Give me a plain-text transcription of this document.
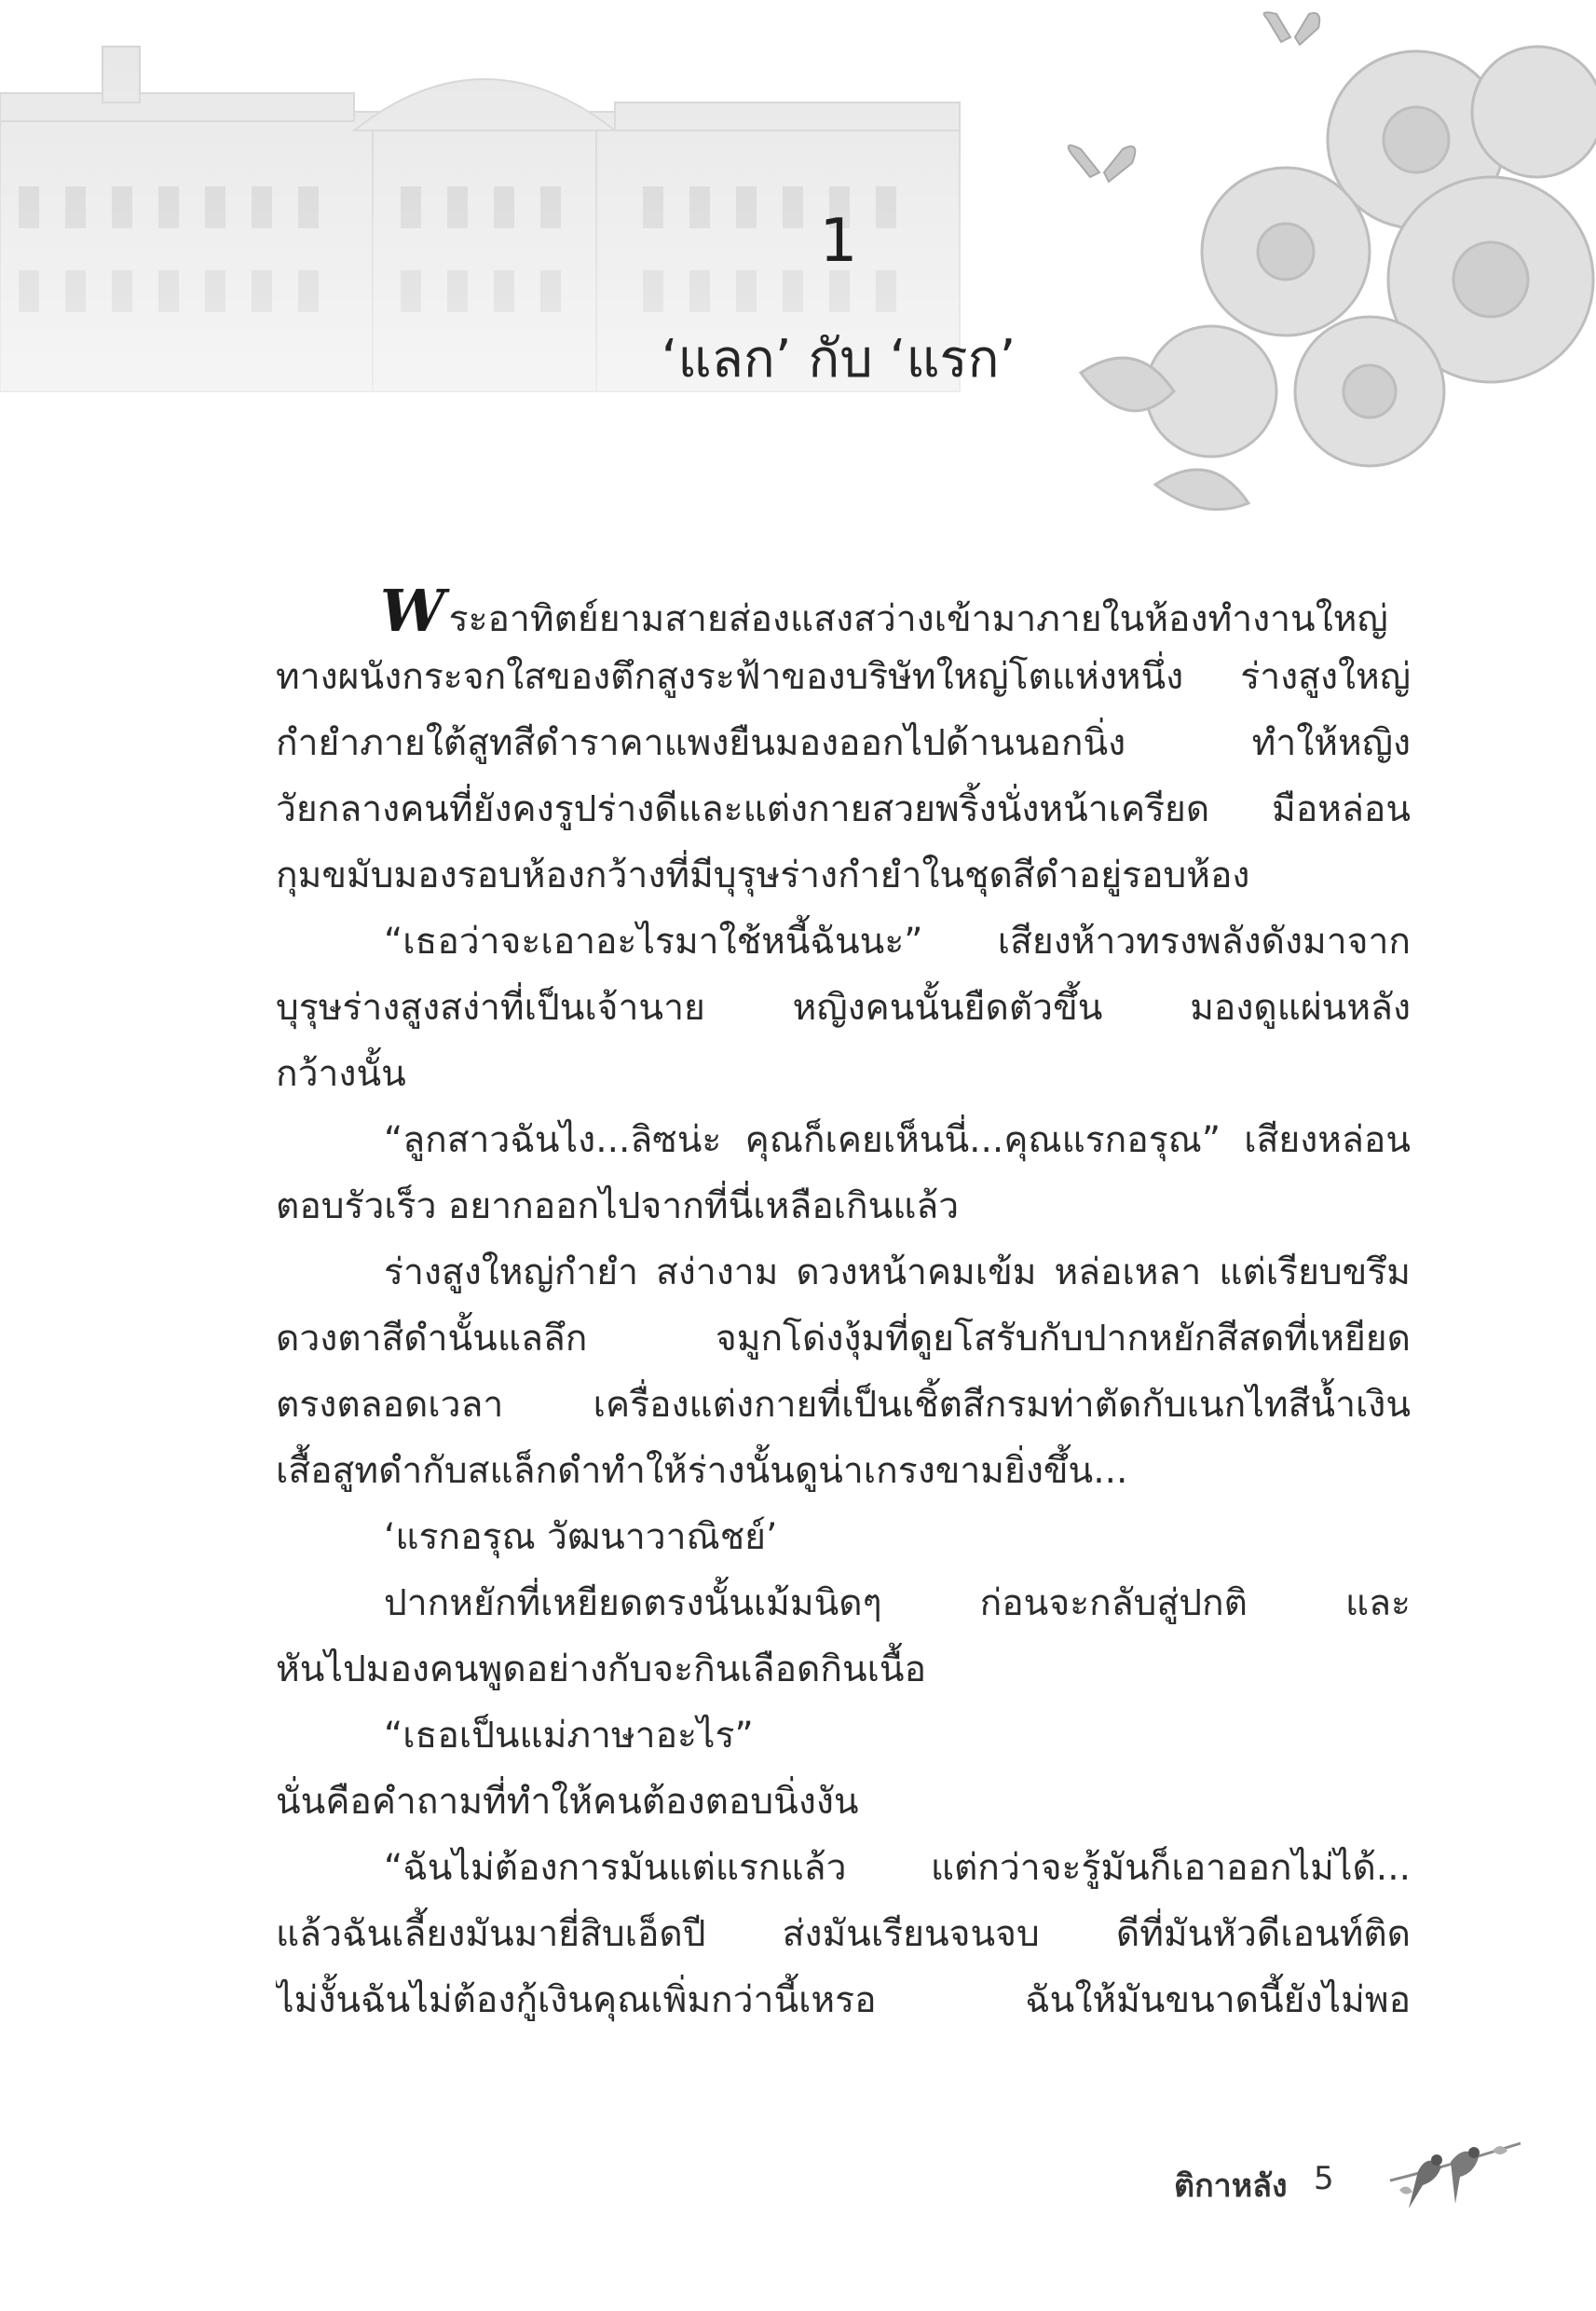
1
‘แลก’ กับ ‘แรก’
Wระอาทิตย์ยามสายส่องแสงสว่างเข้ามาภายในห้องทำงานใหญ่
ทางผนังกระจกใสของตึกสูงระฟ้าของบริษัทใหญ่โตแห่งหนึ่ง ร่างสูงใหญ่
กำยำภายใต้สูทสีดำราคาแพงยืนมองออกไปด้านนอกนิ่ง ทำให้หญิง
วัยกลางคนที่ยังคงรูปร่างดีและแต่งกายสวยพริ้งนั่งหน้าเครียด มือหล่อน
กุมขมับมองรอบห้องกว้างที่มีบุรุษร่างกำยำในชุดสีดำอยู่รอบห้อง
“เธอว่าจะเอาอะไรมาใช้หนี้ฉันนะ” เสียงห้าวทรงพลังดังมาจาก
บุรุษร่างสูงสง่าที่เป็นเจ้านาย หญิงคนนั้นยืดตัวขึ้น มองดูแผ่นหลัง
กว้างนั้น
“ลูกสาวฉันไง...ลิซน่ะ คุณก็เคยเห็นนี่...คุณแรกอรุณ” เสียงหล่อน
ตอบรัวเร็ว อยากออกไปจากที่นี่เหลือเกินแล้ว
ร่างสูงใหญ่กำยำ สง่างาม ดวงหน้าคมเข้ม หล่อเหลา แต่เรียบขรึม
ดวงตาสีดำนั้นแลลึก จมูกโด่งงุ้มที่ดูยโสรับกับปากหยักสีสดที่เหยียด
ตรงตลอดเวลา เครื่องแต่งกายที่เป็นเชิ้ตสีกรมท่าตัดกับเนกไทสีน้ำเงิน
เสื้อสูทดำกับสแล็กดำทำให้ร่างนั้นดูน่าเกรงขามยิ่งขึ้น...
‘แรกอรุณ วัฒนาวาณิชย์’
ปากหยักที่เหยียดตรงนั้นเม้มนิดๆ ก่อนจะกลับสู่ปกติ และ
หันไปมองคนพูดอย่างกับจะกินเลือดกินเนื้อ
“เธอเป็นแม่ภาษาอะไร”
นั่นคือคำถามที่ทำให้คนต้องตอบนิ่งงัน
“ฉันไม่ต้องการมันแต่แรกแล้ว แต่กว่าจะรู้มันก็เอาออกไม่ได้...
แล้วฉันเลี้ยงมันมายี่สิบเอ็ดปี ส่งมันเรียนจนจบ ดีที่มันหัวดีเอนท์ติด
ไม่งั้นฉันไม่ต้องกู้เงินคุณเพิ่มกว่านี้เหรอ ฉันให้มันขนาดนี้ยังไม่พอ
ติกาหลัง 5
